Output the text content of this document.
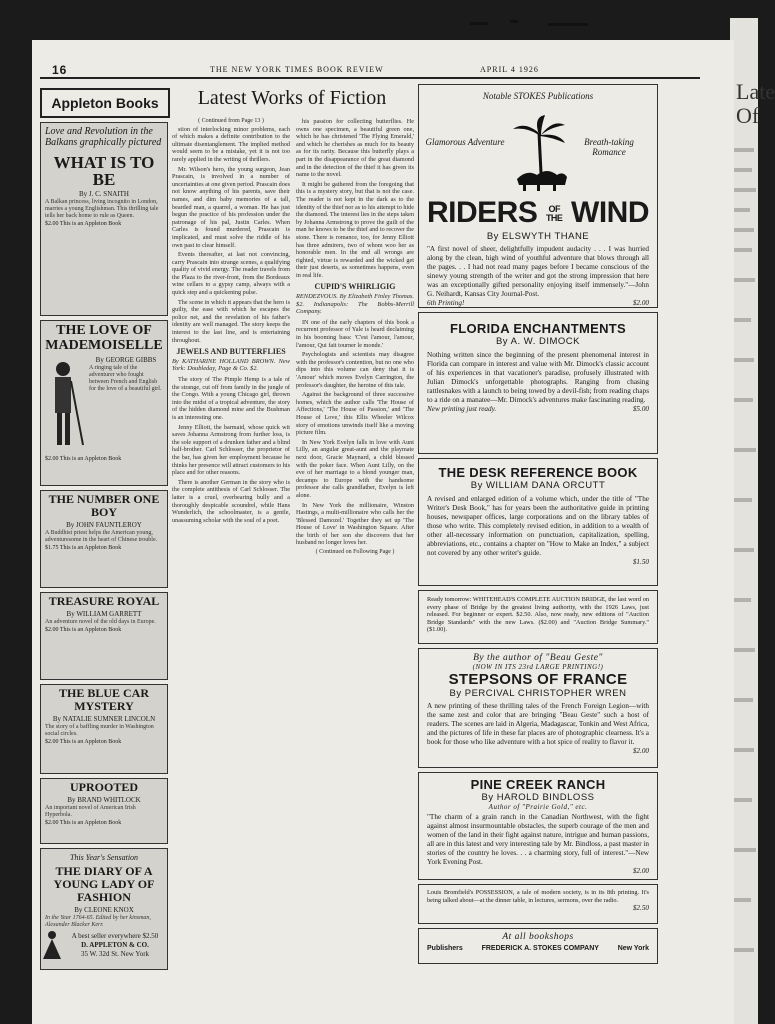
Late Of
16	THE NEW YORK TIMES BOOK REVIEW	APRIL 4 1926
Appleton Books
Love and Revolution in the Balkans graphically pictured
WHAT IS TO BE
By J. C. SNAITH
A Balkan princess, living incognito in London, marries a young Englishman. This thrilling tale tells her back home to rule as Queen.
$2.00 This is an Appleton Book
THE LOVE OF MADEMOISELLE
By GEORGE GIBBS
A ringing tale of the adventurer who fought between French and English for the love of a beautiful girl.
$2.00 This is an Appleton Book
THE NUMBER ONE BOY
By JOHN FAUNTLEROY
A Buddhist priest helps the American young, adventuresome in the heart of Chinese trouble.
$1.75 This is an Appleton Book
TREASURE ROYAL
By WILLIAM GARRETT
An adventure novel of the old days in Europe.
$2.00 This is an Appleton Book
THE BLUE CAR MYSTERY
By NATALIE SUMNER LINCOLN
The story of a baffling murder in Washington social circles.
$2.00 This is an Appleton Book
UPROOTED
By BRAND WHITLOCK
An important novel of American Irish Hyperbola.
$2.00 This is an Appleton Book
This Year's Sensation
THE DIARY OF A YOUNG LADY OF FASHION
By CLEONE KNOX
In the Year 1764-65. Edited by her kinsman, Alexander Blacker Kerr.
A best seller everywhere $2.50
D. APPLETON & CO.
35 W. 32d St. New York
Latest Works of Fiction
( Continued from Page 13 )

stion of interlocking minor problems, each of which makes a definite contribution to the ultimate disentanglement. The implied method would seem to be a mistake, yet it is not too rarely applied in the writing of thrillers.

Mr. Wilson's hero, the young surgeon, Jean Prascain, is involved in a number of uncertainties at one given period. Prascain does not know anything of his parents, save their names, and dim baby memories of a tall, bearded man, a quarrel, a woman. He has just begun the practice of his profession under the patronage of his pal, Justin Carles. When Carles is found murdered, Prascain is implicated, and must solve the riddle of his own past to clear himself.

Events thereafter, at last not convincing, carry Prascain into strange scenes, a qualifying quality of vivid energy. The reader travels from the Plaza to the river-front, from the Bordeaux wine cellars to a gypsy camp, always with a quick step and a quickening pulse.

The scene in which it appears that the hero is guilty, the ease with which he escapes the police net, and the revelation of his father's identity are well managed. The story keeps the interest to the last line, and is entertaining throughout.

JEWELS AND BUTTERFLIES
By KATHARINE HOLLAND BROWN. New York: Doubleday, Page & Co. $2.

The story of The Pimple Hemp is a tale of the strange, cut off from family in the jungle of the Congo. With a young Chicago girl, thrown into the midst of a tropical adventure, the story of the hidden diamond mine and the Bushman is an interesting one.

Jenny Elliott, the barmaid, whose quick wit saves Johanna Armstrong from further loss, is the sole support of a drunken father and a blind half-brother. Carl Schlosser, the proprietor of the bar, has given her employment because he thinks her presence will attract customers to his place and for other reasons.

There is another German in the story who is the complete antithesis of Carl Schlosser. The latter is a cruel, overbearing bully and a thoroughly despicable scoundrel, while Hans Wunderlich, the schoolmaster, is a gentle, unassuming scholar with the soul of a poet.

his passion for collecting butterflies. He owns one specimen, a beautiful green one, which he has christened 'The Flying Emerald,' and which he cherishes as much for its beauty as for its rarity. Because this butterfly plays a part in the disappearance of the great diamond and in the detection of the thief it has given its name to the novel.

It might be gathered from the foregoing that this is a mystery story, but that is not the case. The reader is not kept in the dark as to the identity of the thief nor as to his attempt to hide the diamond. The interest lies in the steps taken by Johanna Armstrong to prove the guilt of the man he knows to be the thief and to recover the stone. There is romance, too, for Jenny Elliott has three admirers, two of whom woo her as honorable men. In the end all wrongs are righted, virtue is rewarded and the wicked get their just deserts, as sometimes happens, even in real life.

CUPID'S WHIRLIGIG
RENDEZVOUS. By Elizabeth Finley Thomas. $2. Indianapolis: The Bobbs-Merrill Company.

IN one of the early chapters of this book a recurrent professor of Yale is heard declaiming in his booming bass: 'C'est l'amour, l'amour, l'amour, Qui fait tourner le monde.'

Psychologists and scientists may disagree with the professor's contention, but no one who dips into this volume can deny that it is 'Amour' which moves Evelyn Carrington, the professor's daughter, the heroine of this tale.

Against the background of three successive homes, which the author calls 'The House of Affections,' 'The House of Passion,' and 'The House of Love,' this Ellis Wheeler Wilcox story of emotions unwinds itself like a moving picture film.

In New York Evelyn falls in love with Aunt Lilly, an angular great-aunt and the playmate next door, Gracie Maynard, a child blessed with the poker face. When Aunt Lilly, on the eve of her marriage to a blond younger man, decamps to Europe with the handsome professor she calls grandfather, Evelyn is left alone.

In New York the millionaire, Winston Hastings, a multi-millionaire who calls her the 'Blessed Damozel.' Together they set up 'The House of Love' in Washington Square. After the birth of her son she discovers that her husband no longer loves her.

( Continued on Following Page )
Notable STOKES Publications
Glamorous Adventure	Breath-taking Romance
RIDERS OF THE WIND
By ELSWYTH THANE
"A first novel of sheer, delightfully impudent audacity . . . I was hurried along by the clean, high wind of youthful adventure that blows through all the pages. . . I had not read many pages before I became conscious of the sinewy young strength of the writer and got the strong impression that here was an exceptionally gifted personality enjoying itself immensely."—John G. Neihardt, Kansas City Journal-Post.
6th Printing!	$2.00
FLORIDA ENCHANTMENTS
By A. W. DIMOCK
Nothing written since the beginning of the present phenomenal interest in Florida can compare in interest and value with Mr. Dimock's classic account of his experiences in that vacationer's paradise, profusely illustrated with Julian Dimock's unforgettable photographs. Ranging from chasing rattlesnakes with a launch to being towed by a devil-fish; from reading chaps to a ride on a manatee—Mr. Dimock's adventures make fascinating reading.
New printing just ready.	$5.00
THE DESK REFERENCE BOOK
By WILLIAM DANA ORCUTT
A revised and enlarged edition of a volume which, under the title of "The Writer's Desk Book," has for years been the authoritative guide in printing houses, newspaper offices, large corporations and on the library tables of those who write. This completely revised edition, in addition to a wealth of other all-necessary information on punctuation, capitalization, spelling, abbreviations, etc., contains a chapter on "How to Make an Index," a subject not covered by any other writer's guide.
$1.50
Ready tomorrow: WHITEHEAD'S COMPLETE AUCTION BRIDGE, the last word on every phase of Bridge by the greatest living authority, with the 1926 Laws, just released. For beginner or expert. $2.50. Also, now ready, new editions of "Auction Bridge Standards" with the new Laws. ($2.00) and "Auction Bridge Summary." ($1.00).
By the author of "Beau Geste"
(NOW IN ITS 23rd LARGE PRINTING!)
STEPSONS OF FRANCE
By PERCIVAL CHRISTOPHER WREN
A new printing of these thrilling tales of the French Foreign Legion—with the same zest and color that are bringing "Beau Geste" such a host of readers. The scenes are laid in Algeria, Madagascar, Tonkin and West Africa, and the pictures of life in these far places are of photographic clearness. It's a book for those who like adventure with a hot spice of reality to flavor it.
$2.00
PINE CREEK RANCH
By HAROLD BINDLOSS
Author of "Prairie Gold," etc.
"The charm of a grain ranch in the Canadian Northwest, with the fight against almost insurmountable obstacles, the superb courage of the men and women of the land in their fight against nature, intrigue and human passions, all are in this latest and very interesting tale by Mr. Bindloss, a past master in stories of the country he loves. . . a charming story, full of interest."—New York Evening Post.
$2.00
Louis Bromfield's POSSESSION, a tale of modern society, is in its 8th printing. It's being talked about—at the dinner table, in lectures, sermons, over the radio.
$2.50
At all bookshops
Publishers	FREDERICK A. STOKES COMPANY	New York
